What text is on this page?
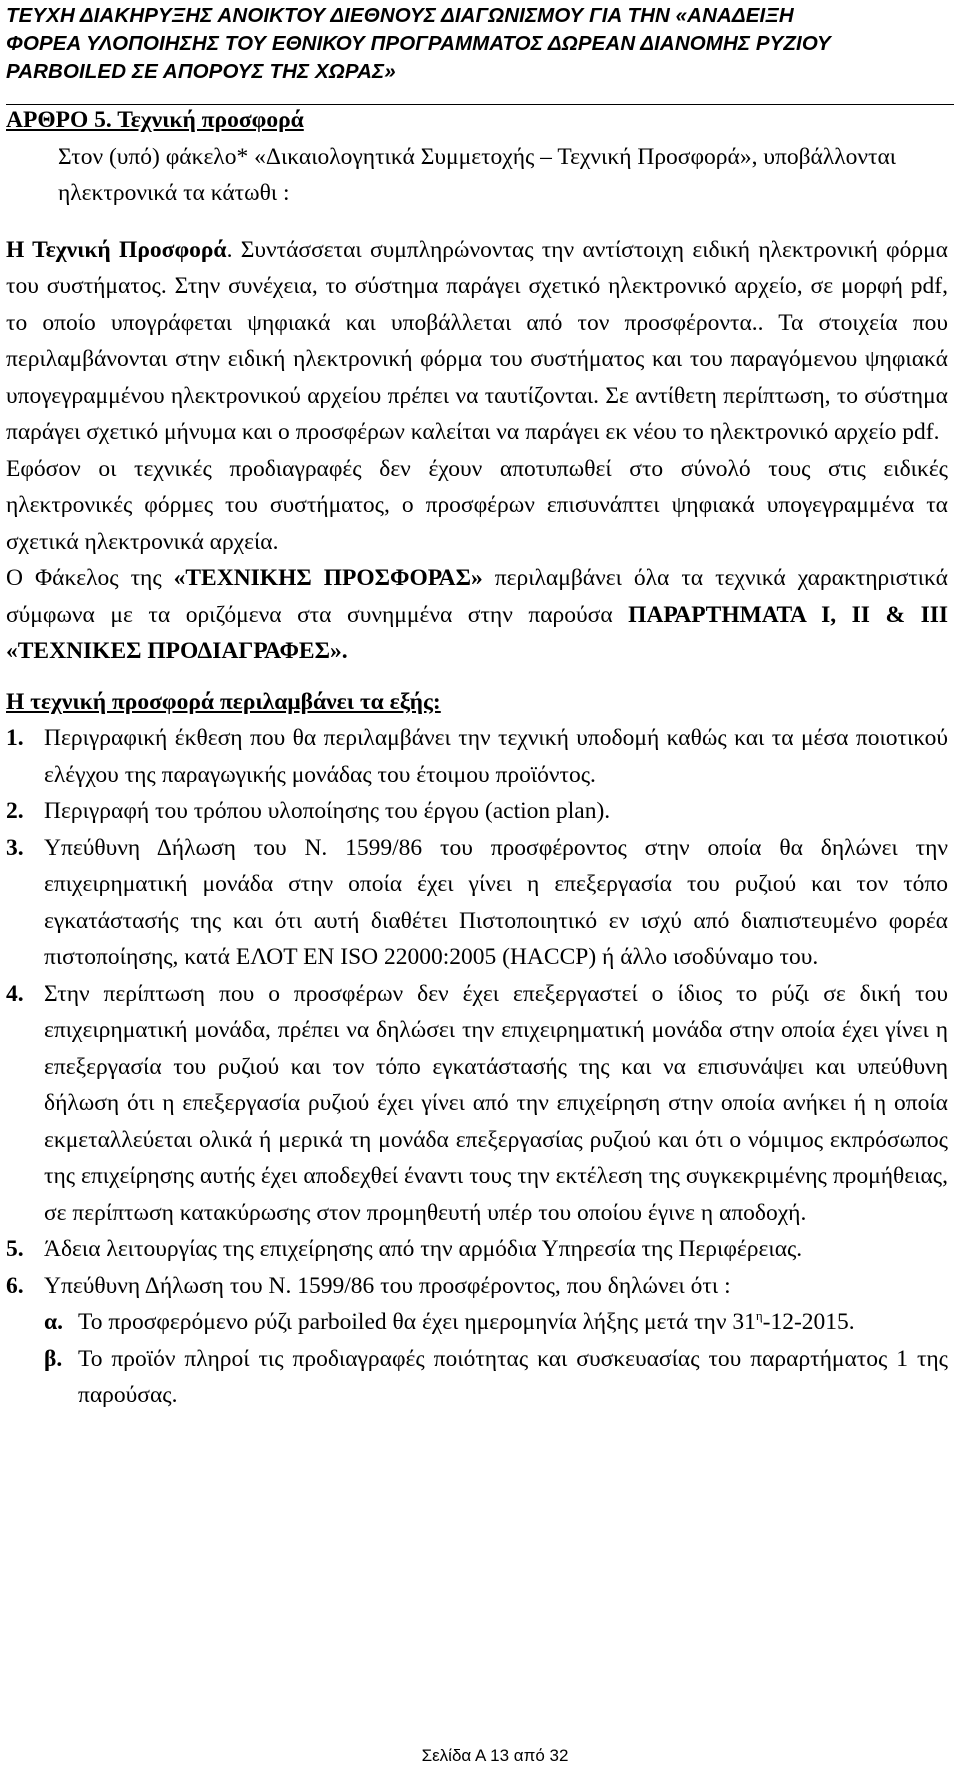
ΤΕΥΧΗ ΔΙΑΚΗΡΥΞΗΣ ΑΝΟΙΚΤΟΥ ΔΙΕΘΝΟΥΣ ΔΙΑΓΩΝΙΣΜΟΥ ΓΙΑ ΤΗΝ «ΑΝΑΔΕΙΞΗ
ΦΟΡΕΑ ΥΛΟΠΟΙΗΣΗΣ ΤΟΥ ΕΘΝΙΚΟΥ ΠΡΟΓΡΑΜΜΑΤΟΣ ΔΩΡΕΑΝ ΔΙΑΝΟΜΗΣ ΡΥΖΙΟΥ
PARBOILED ΣΕ ΑΠΟΡΟΥΣ ΤΗΣ ΧΩΡΑΣ»

ΑΡΘΡΟ 5. Τεχνική προσφορά

Στον (υπό) φάκελο* «Δικαιολογητικά Συμμετοχής – Τεχνική Προσφορά», υποβάλλονται ηλεκτρονικά τα κάτωθι :

Η Τεχνική Προσφορά. Συντάσσεται συμπληρώνοντας την αντίστοιχη ειδική ηλεκτρονική φόρμα του συστήματος. Στην συνέχεια, το σύστημα παράγει σχετικό ηλεκτρονικό αρχείο, σε μορφή pdf, το οποίο υπογράφεται ψηφιακά και υποβάλλεται από τον προσφέροντα.. Τα στοιχεία που περιλαμβάνονται στην ειδική ηλεκτρονική φόρμα του συστήματος και του παραγόμενου ψηφιακά υπογεγραμμένου ηλεκτρονικού αρχείου πρέπει να ταυτίζονται. Σε αντίθετη περίπτωση, το σύστημα παράγει σχετικό μήνυμα και ο προσφέρων καλείται να παράγει εκ νέου το ηλεκτρονικό αρχείο pdf.

Εφόσον οι τεχνικές προδιαγραφές δεν έχουν αποτυπωθεί στο σύνολό τους στις ειδικές ηλεκτρονικές φόρμες του συστήματος, ο προσφέρων επισυνάπτει ψηφιακά υπογεγραμμένα τα σχετικά ηλεκτρονικά αρχεία.

Ο Φάκελος της «ΤΕΧΝΙΚΗΣ ΠΡΟΣΦΟΡΑΣ» περιλαμβάνει όλα τα τεχνικά χαρακτηριστικά σύμφωνα με τα οριζόμενα στα συνημμένα στην παρούσα ΠΑΡΑΡΤΗΜΑΤΑ Ι, ΙΙ & ΙΙΙ «ΤΕΧΝΙΚΕΣ ΠΡΟΔΙΑΓΡΑΦΕΣ».

Η τεχνική προσφορά περιλαμβάνει τα εξής:

1. Περιγραφική έκθεση που θα περιλαμβάνει την τεχνική υποδομή καθώς και τα μέσα ποιοτικού ελέγχου της παραγωγικής μονάδας του έτοιμου προϊόντος.
2. Περιγραφή του τρόπου υλοποίησης του έργου (action plan).
3. Υπεύθυνη Δήλωση του Ν. 1599/86 του προσφέροντος στην οποία θα δηλώνει την επιχειρηματική μονάδα στην οποία έχει γίνει η επεξεργασία του ρυζιού και τον τόπο εγκατάστασής της και ότι αυτή διαθέτει Πιστοποιητικό εν ισχύ από διαπιστευμένο φορέα πιστοποίησης, κατά ΕΛΟΤ ΕΝ ISO 22000:2005 (HACCP) ή άλλο ισοδύναμο του.
4. Στην περίπτωση που ο προσφέρων δεν έχει επεξεργαστεί ο ίδιος το ρύζι σε δική του επιχειρηματική μονάδα, πρέπει να δηλώσει την επιχειρηματική μονάδα στην οποία έχει γίνει η επεξεργασία του ρυζιού και τον τόπο εγκατάστασής της και να επισυνάψει και υπεύθυνη δήλωση ότι η επεξεργασία ρυζιού έχει γίνει από την επιχείρηση στην οποία ανήκει ή η οποία εκμεταλλεύεται ολικά ή μερικά τη μονάδα επεξεργασίας ρυζιού και ότι ο νόμιμος εκπρόσωπος της επιχείρησης αυτής έχει αποδεχθεί έναντι τους την εκτέλεση της συγκεκριμένης προμήθειας, σε περίπτωση κατακύρωσης στον προμηθευτή υπέρ του οποίου έγινε η αποδοχή.
5. Άδεια λειτουργίας της επιχείρησης από την αρμόδια Υπηρεσία της Περιφέρειας.
6. Υπεύθυνη Δήλωση του Ν. 1599/86 του προσφέροντος, που δηλώνει ότι :
α. Το προσφερόμενο ρύζι parboiled θα έχει ημερομηνία λήξης μετά την $31^\eta-12-2015$.
β. Το προϊόν πληροί τις προδιαγραφές ποιότητας και συσκευασίας του παραρτήματος 1 της παρούσας.
Σελίδα Α 13 από 32
